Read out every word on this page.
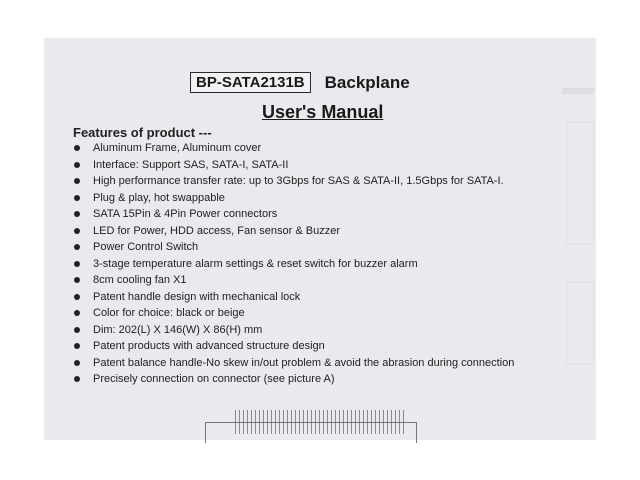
BP-SATA2131B	Backplane
User's Manual
Features of product ---
Aluminum Frame, Aluminum cover
Interface: Support SAS, SATA-I, SATA-II
High performance transfer rate: up to 3Gbps for SAS & SATA-II, 1.5Gbps for SATA-I.
Plug & play, hot swappable
SATA 15Pin & 4Pin Power connectors
LED for Power, HDD access, Fan sensor & Buzzer
Power Control Switch
3-stage temperature alarm settings & reset switch for buzzer alarm
8cm cooling fan X1
Patent handle design with mechanical lock
Color for choice: black or beige
Dim: 202(L) X 146(W) X 86(H) mm
Patent products with advanced structure design
Patent balance handle-No skew in/out problem & avoid the abrasion during connection
Precisely connection on connector (see picture A)
